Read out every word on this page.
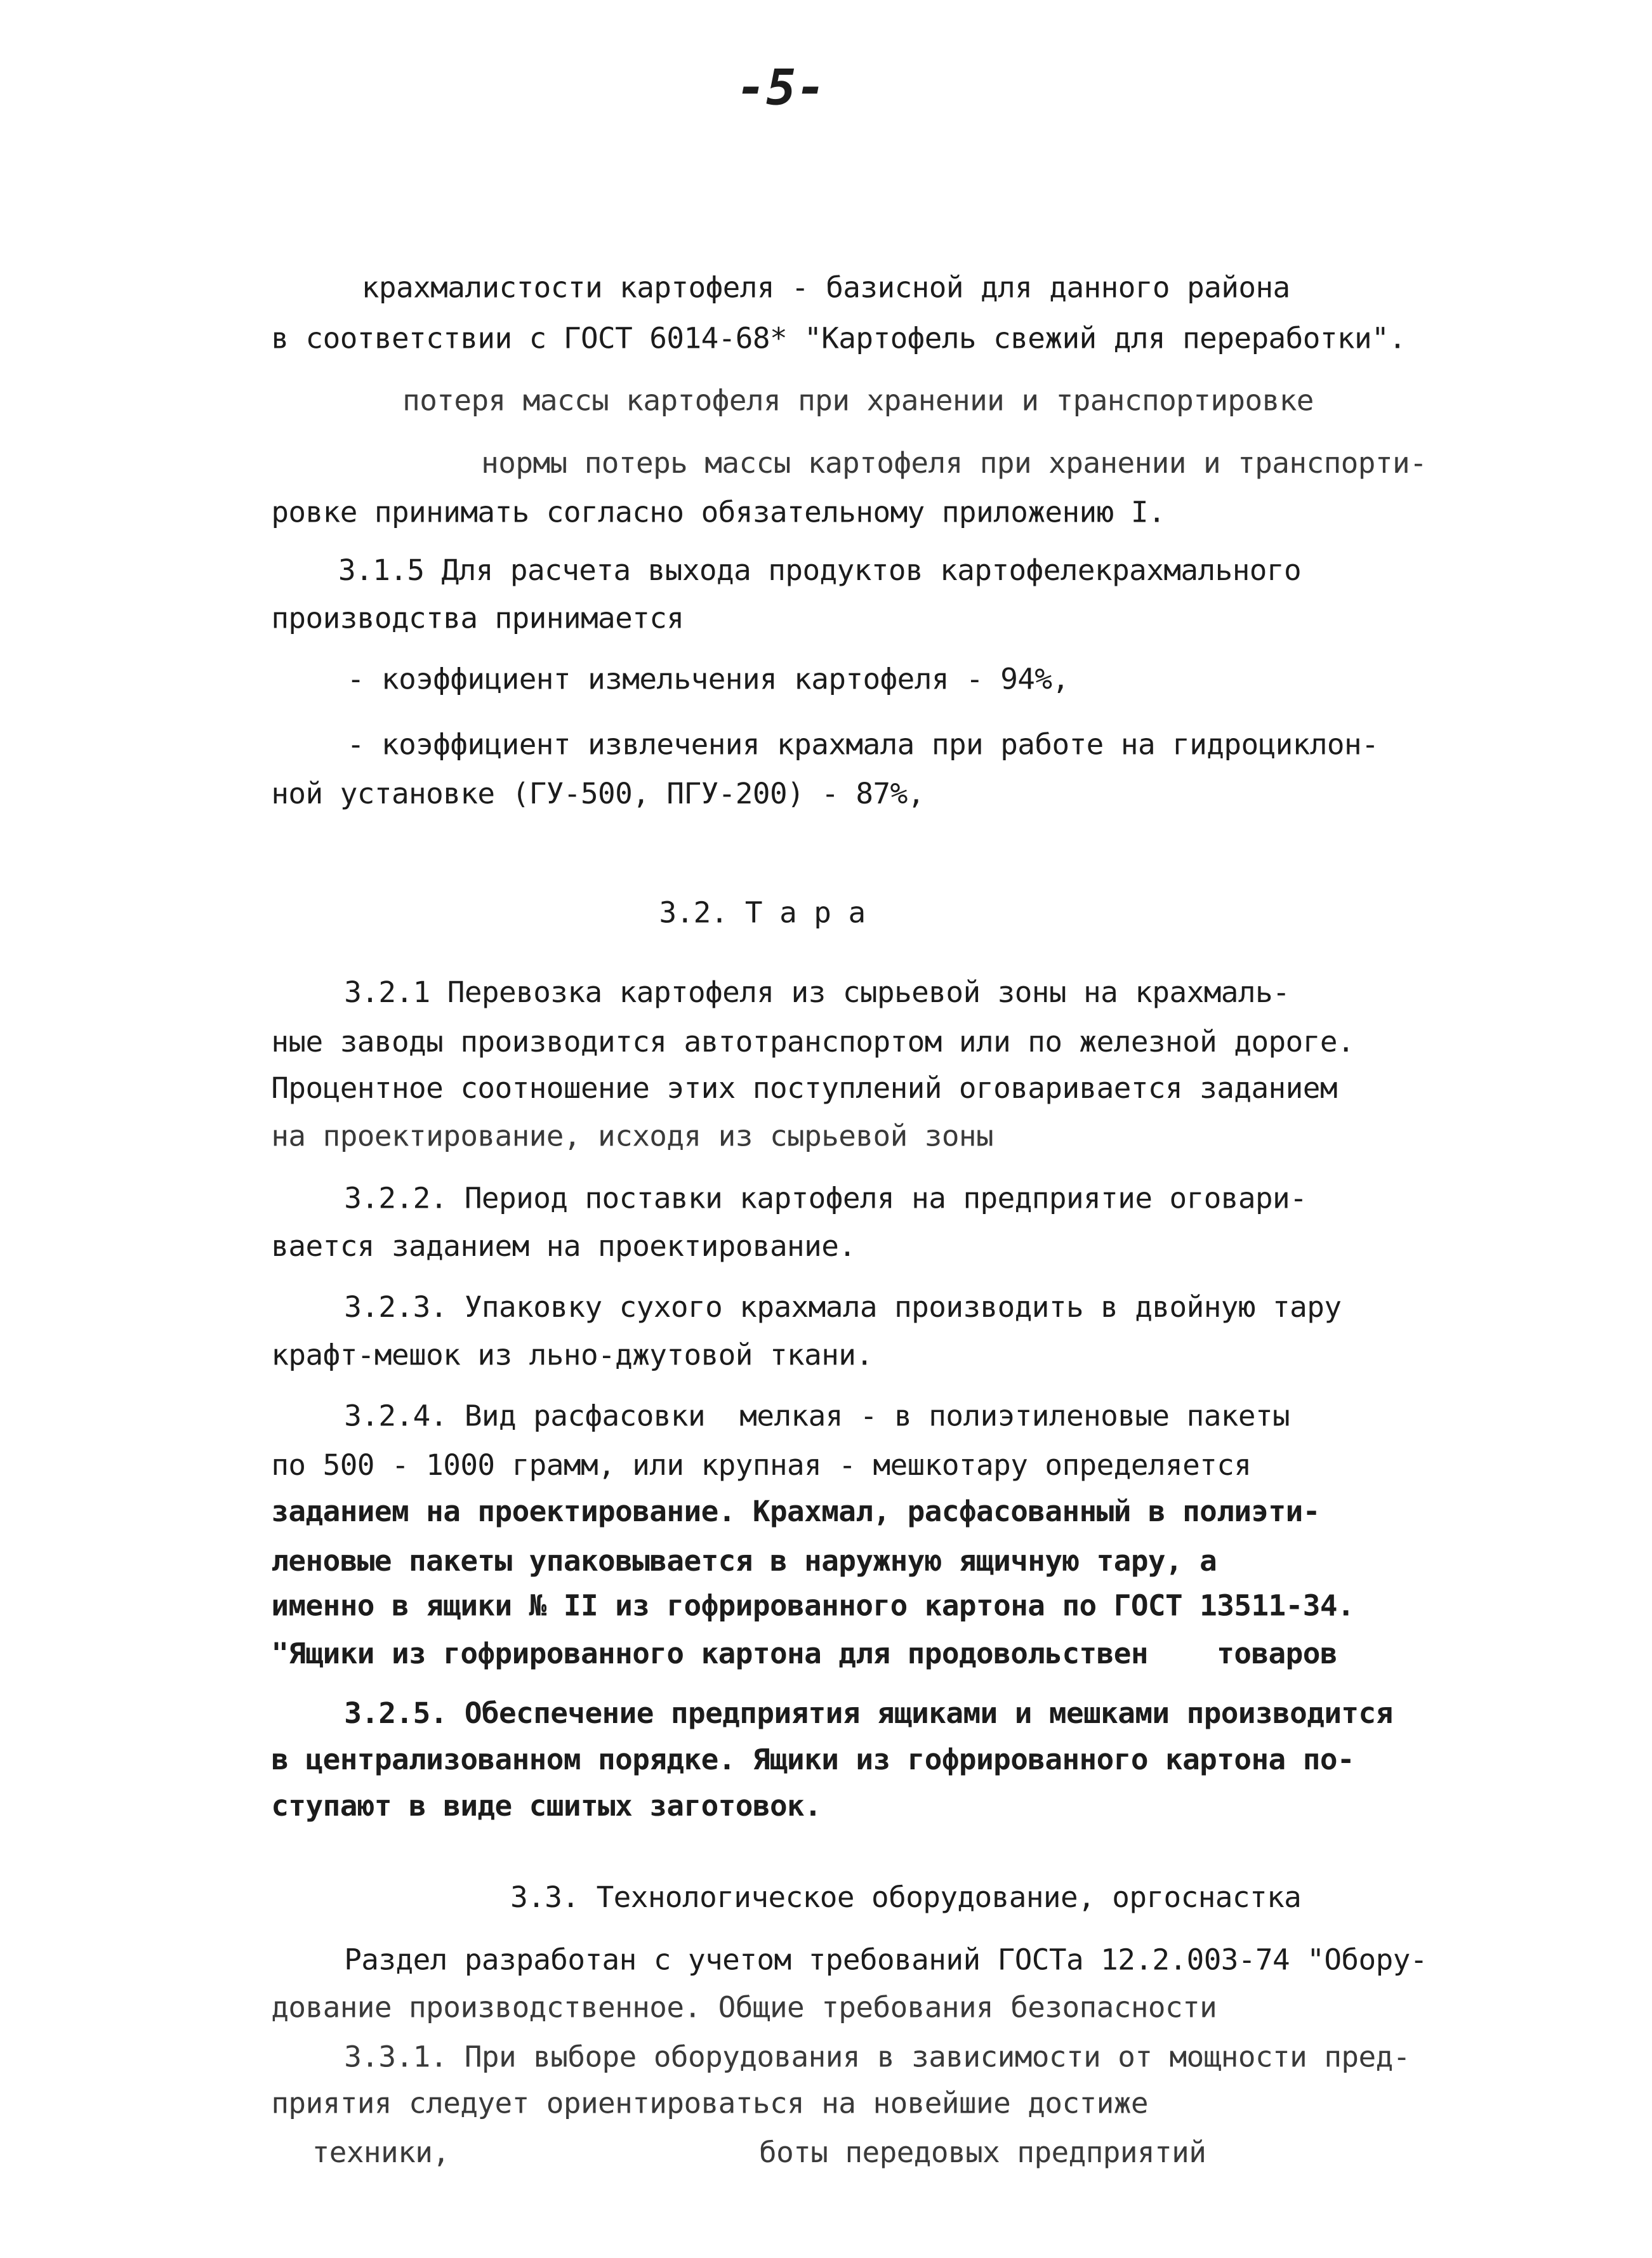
-5-
крахмалистости картофеля - базисной для данного района
в соответствии с ГОСТ 6014-68* "Картофель свежий для переработки".
потеря массы картофеля при хранении и транспортировке
нормы потерь массы картофеля при хранении и транспорти-
ровке принимать согласно обязательному приложению I.
3.1.5 Для расчета выхода продуктов картофелекрахмального
производства принимается
- коэффициент измельчения картофеля - 94%,
- коэффициент извлечения крахмала при работе на гидроциклон-
ной установке (ГУ-500, ПГУ-200) - 87%,
3.2. Т а р а
3.2.1 Перевозка картофеля из сырьевой зоны на крахмаль-
ные заводы производится автотранспортом или по железной дороге.
Процентное соотношение этих поступлений оговаривается заданием
на проектирование, исходя из сырьевой зоны
3.2.2. Период поставки картофеля на предприятие оговари-
вается заданием на проектирование.
3.2.3. Упаковку сухого крахмала производить в двойную тару
крафт-мешок из льно-джутовой ткани.
3.2.4. Вид расфасовки  мелкая - в полиэтиленовые пакеты
по 500 - 1000 грамм, или крупная - мешкотару определяется
заданием на проектирование. Крахмал, расфасованный в полиэти-
леновые пакеты упаковывается в наружную ящичную тару, а
именно в ящики № II из гофрированного картона по ГОСТ 13511-34.
"Ящики из гофрированного картона для продовольствен    товаров
3.2.5. Обеспечение предприятия ящиками и мешками производится
в централизованном порядке. Ящики из гофрированного картона по-
ступают в виде сшитых заготовок.
3.3. Технологическое оборудование, оргоснастка
Раздел разработан с учетом требований ГОСТа 12.2.003-74 "Обору-
дование производственное. Общие требования безопасности
3.3.1. При выборе оборудования в зависимости от мощности пред-
приятия следует ориентироваться на новейшие достиже
техники,                  боты передовых предприятий
